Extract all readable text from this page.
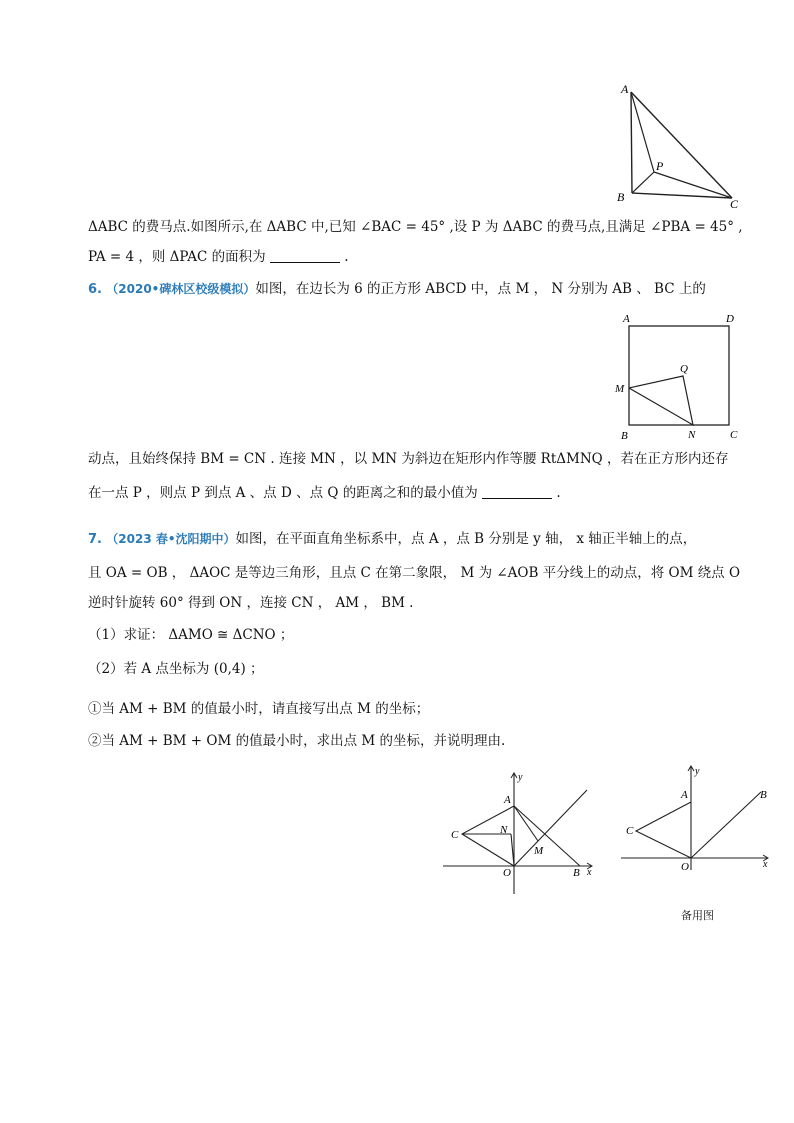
A
B	C
P
ΔABC 的费马点.如图所示,在 ΔABC 中,已知 ∠BAC = 45° ,设 P 为 ΔABC 的费马点,且满足 ∠PBA = 45° ,
PA = 4 ，则 ΔPAC 的面积为	.
6. （2020•碑林区校级模拟）如图，在边长为 6 的正方形 ABCD 中，点 M ， N 分别为 AB 、 BC 上的
A	D
M
Q
B	N	C
动点，且始终保持 BM = CN . 连接 MN ，以 MN 为斜边在矩形内作等腰 RtΔMNQ ，若在正方形内还存
在一点 P ，则点 P 到点 A 、点 D 、点 Q 的距离之和的最小值为	.
7. （2023 春•沈阳期中）如图，在平面直角坐标系中，点 A ，点 B 分别是 y 轴， x 轴正半轴上的点，
且 OA = OB ， ΔAOC 是等边三角形，且点 C 在第二象限， M 为 ∠AOB 平分线上的动点，将 OM 绕点 O
逆时针旋转 60° 得到 ON ，连接 CN ， AM ， BM .
（1）求证： ΔAMO ≅ ΔCNO ；
（2）若 A 点坐标为 (0,4) ；
①当 AM + BM 的值最小时，请直接写出点 M 的坐标；
②当 AM + BM + OM 的值最小时，求出点 M 的坐标，并说明理由.
y
x
A
C	N
M
O	B
y
x
A	B
C
O
备用图
